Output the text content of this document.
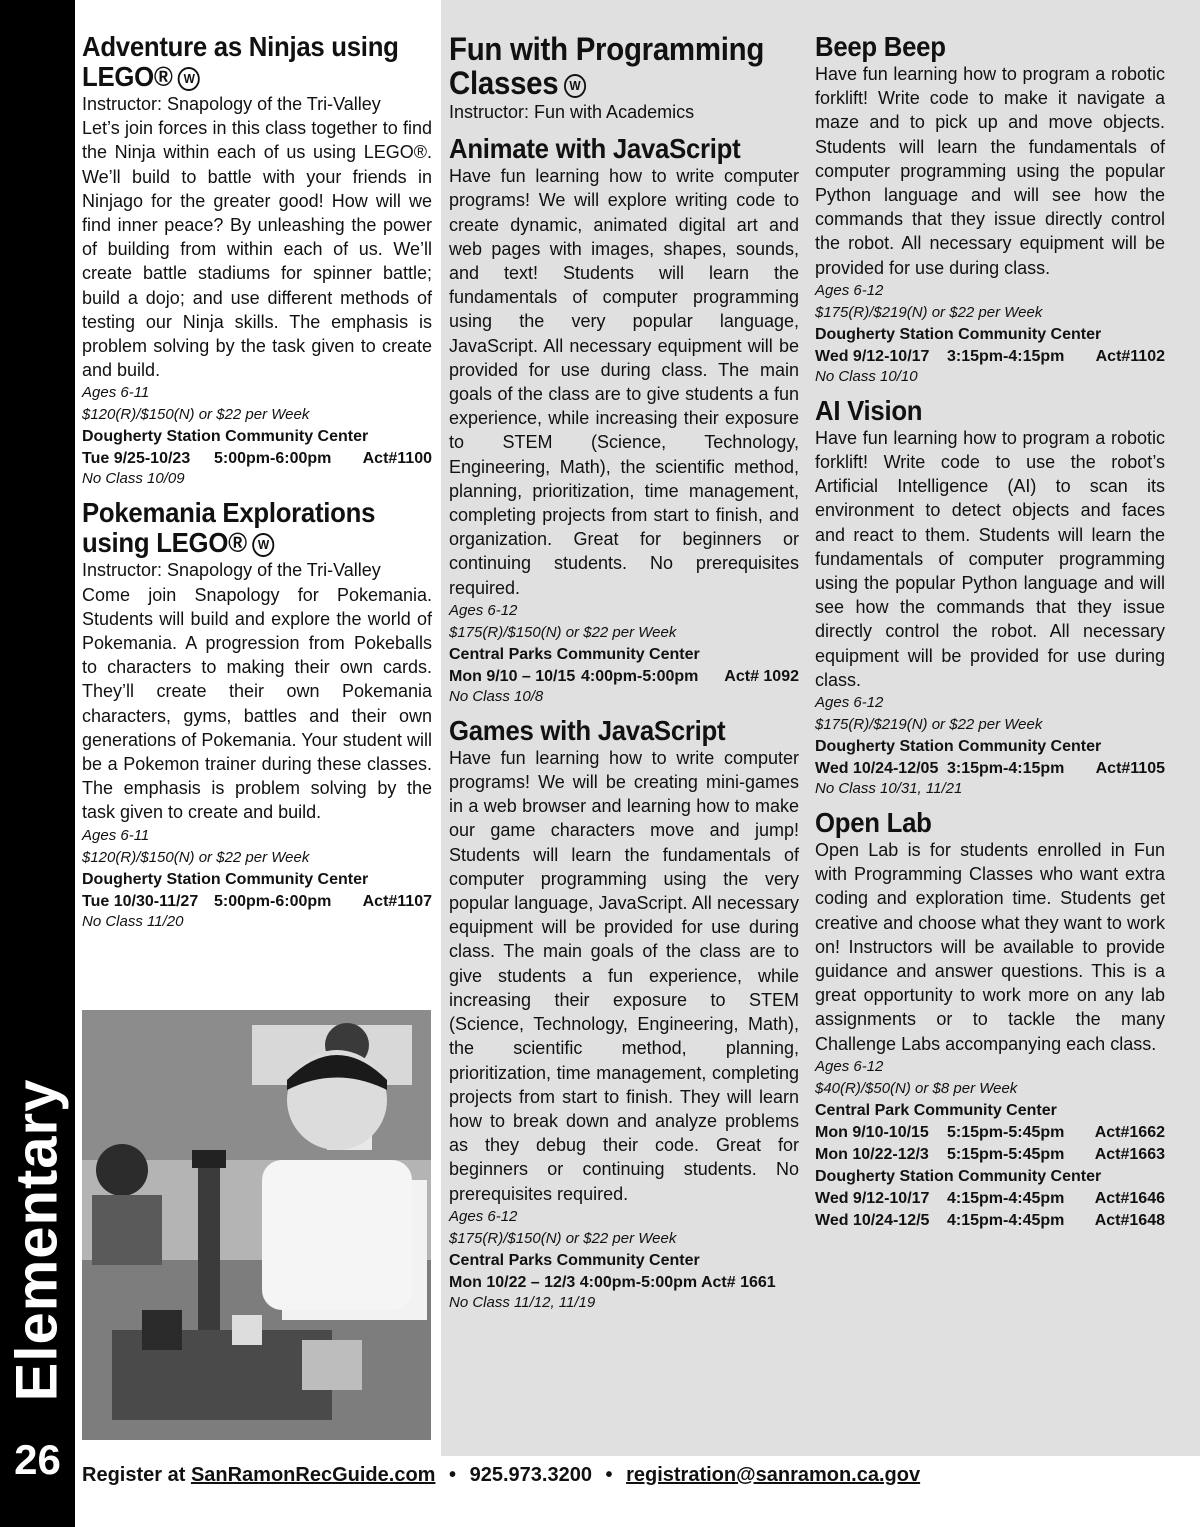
Elementary
26
Adventure as Ninjas using
LEGO® W

Instructor: Snapology of the Tri-Valley

Let’s join forces in this class together to find the Ninja within each of us using LEGO®. We’ll build to battle with your friends in Ninjago for the greater good! How will we find inner peace? By unleashing the power of building from within each of us. We’ll create battle stadiums for spinner battle; build a dojo; and use different methods of testing our Ninja skills. The emphasis is problem solving by the task given to create and build.

Ages 6-11

$120(R)/$150(N) or $22 per Week

Dougherty Station Community Center

Tue 9/25-10/23	5:00pm-6:00pm	Act#1100

No Class 10/09

Pokemania Explorations
using LEGO® W

Instructor: Snapology of the Tri-Valley

Come join Snapology for Pokemania. Students will build and explore the world of Pokemania. A progression from Pokeballs to characters to making their own cards. They’ll create their own Pokemania characters, gyms, battles and their own generations of Pokemania. Your student will be a Pokemon trainer during these classes. The emphasis is problem solving by the task given to create and build.

Ages 6-11

$120(R)/$150(N) or $22 per Week

Dougherty Station Community Center

Tue 10/30-11/27 5:00pm-6:00pm	Act#1107

No Class 11/20

Fun with Programming
Classes W

Instructor: Fun with Academics

Animate with JavaScript

Have fun learning how to write computer programs! We will explore writing code to create dynamic, animated digital art and web pages with images, shapes, sounds, and text! Students will learn the fundamentals of computer programming using the very popular language, JavaScript. All necessary equipment will be provided for use during class. The main goals of the class are to give students a fun experience, while increasing their exposure to STEM (Science, Technology, Engineering, Math), the scientific method, planning, prioritization, time management, completing projects from start to finish, and organization. Great for beginners or continuing students. No prerequisites required.

Ages 6-12

$175(R)/$150(N) or $22 per Week

Central Parks Community Center

Mon 9/10 – 10/15 4:00pm-5:00pm	Act# 1092

No Class 10/8

Games with JavaScript

Have fun learning how to write computer programs! We will be creating mini-games in a web browser and learning how to make our game characters move and jump! Students will learn the fundamentals of computer programming using the very popular language, JavaScript. All necessary equipment will be provided for use during class. The main goals of the class are to give students a fun experience, while increasing their exposure to STEM (Science, Technology, Engineering, Math), the scientific method, planning, prioritization, time management, completing projects from start to finish. They will learn how to break down and analyze problems as they debug their code. Great for beginners or continuing students. No prerequisites required.

Ages 6-12

$175(R)/$150(N) or $22 per Week

Central Parks Community Center

Mon 10/22 – 12/3 4:00pm-5:00pm Act# 1661

No Class 11/12, 11/19

Beep Beep

Have fun learning how to program a robotic forklift! Write code to make it navigate a maze and to pick up and move objects. Students will learn the fundamentals of computer programming using the popular Python language and will see how the commands that they issue directly control the robot. All necessary equipment will be provided for use during class.

Ages 6-12

$175(R)/$219(N) or $22 per Week

Dougherty Station Community Center

Wed 9/12-10/17	3:15pm-4:15pm	Act#1102

No Class 10/10

AI Vision

Have fun learning how to program a robotic forklift! Write code to use the robot’s Artificial Intelligence (AI) to scan its environment to detect objects and faces and react to them. Students will learn the fundamentals of computer programming using the popular Python language and will see how the commands that they issue directly control the robot. All necessary equipment will be provided for use during class.

Ages 6-12

$175(R)/$219(N) or $22 per Week

Dougherty Station Community Center

Wed 10/24-12/05 3:15pm-4:15pm	Act#1105

No Class 10/31, 11/21

Open Lab

Open Lab is for students enrolled in Fun with Programming Classes who want extra coding and exploration time. Students get creative and choose what they want to work on! Instructors will be available to provide guidance and answer questions. This is a great opportunity to work more on any lab assignments or to tackle the many Challenge Labs accompanying each class.

Ages 6-12

$40(R)/$50(N) or $8 per Week

Central Park Community Center

Mon 9/10-10/15	5:15pm-5:45pm	Act#1662
Mon 10/22-12/3	5:15pm-5:45pm	Act#1663

Dougherty Station Community Center

Wed 9/12-10/17	4:15pm-4:45pm	Act#1646
Wed 10/24-12/5	4:15pm-4:45pm	Act#1648
Register at SanRamonRecGuide.com • 925.973.3200 • registration@sanramon.ca.gov
